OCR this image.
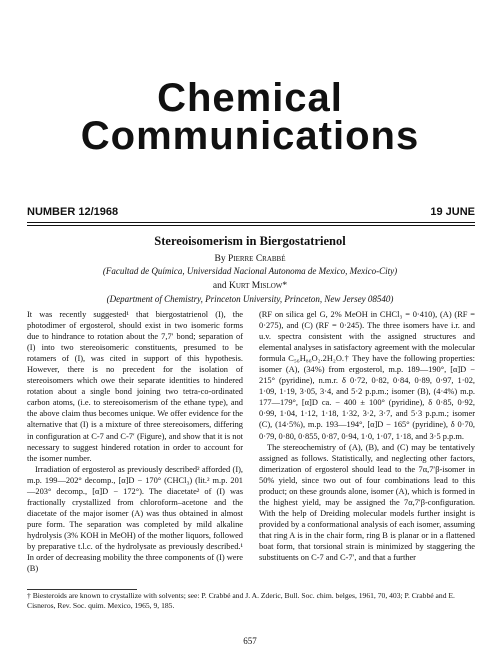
Chemical
Communications
NUMBER 12/1968	19 JUNE
Stereoisomerism in Biergostatrienol
By Pierre Crabbé
(Facultad de Química, Universidad Nacional Autonoma de Mexico, Mexico-City)
and Kurt Mislow*
(Department of Chemistry, Princeton University, Princeton, New Jersey 08540)

It was recently suggested¹ that biergostatrienol (I), the photodimer of ergosterol, should exist in two isomeric forms due to hindrance to rotation about the 7,7′ bond; separation of (I) into two stereoisomeric constituents, presumed to be rotamers of (I), was cited in support of this hypothesis. However, there is no precedent for the isolation of stereoisomers which owe their separate identities to hindered rotation about a single bond joining two tetra-co-ordinated carbon atoms, (i.e. to stereoisomerism of the ethane type), and the above claim thus becomes unique. We offer evidence for the alternative that (I) is a mixture of three stereoisomers, differing in configuration at C-7 and C-7′ (Figure), and show that it is not necessary to suggest hindered rotation in order to account for the isomer number.

Irradiation of ergosterol as previously described² afforded (I), m.p. 199—202° decomp., [α]D − 170° (CHCl₃) (lit.² m.p. 201—203° decomp., [α]D − 172°). The diacetate² of (I) was fractionally crystallized from chloroform–acetone and the diacetate of the major isomer (A) was thus obtained in almost pure form. The separation was completed by mild alkaline hydrolysis (3% KOH in MeOH) of the mother liquors, followed by preparative t.l.c. of the hydrolysate as previously described.¹ In order of decreasing mobility the three components of (I) were (B)

(RF on silica gel G, 2% MeOH in CHCl₃ = 0·410), (A) (RF = 0·275), and (C) (RF = 0·245). The three isomers have i.r. and u.v. spectra consistent with the assigned structures and elemental analyses in satisfactory agreement with the molecular formula C₅₆H₈₆O₂.2H₂O.† They have the following properties: isomer (A), (34%) from ergosterol, m.p. 189—190°, [α]D − 215° (pyridine), n.m.r. δ 0·72, 0·82, 0·84, 0·89, 0·97, 1·02, 1·09, 1·19, 3·05, 3·4, and 5·2 p.p.m.; isomer (B), (4·4%) m.p. 177—179°, [α]D ca. − 400 ± 100° (pyridine), δ 0·85, 0·92, 0·99, 1·04, 1·12, 1·18, 1·32, 3·2, 3·7, and 5·3 p.p.m.; isomer (C), (14·5%), m.p. 193—194°, [α]D − 165° (pyridine), δ 0·70, 0·79, 0·80, 0·855, 0·87, 0·94, 1·0, 1·07, 1·18, and 3·5 p.p.m.

The stereochemistry of (A), (B), and (C) may be tentatively assigned as follows. Statistically, and neglecting other factors, dimerization of ergosterol should lead to the 7α,7′β-isomer in 50% yield, since two out of four combinations lead to this product; on these grounds alone, isomer (A), which is formed in the highest yield, may be assigned the 7α,7′β-configuration. With the help of Dreiding molecular models further insight is provided by a conformational analysis of each isomer, assuming that ring A is in the chair form, ring B is planar or in a flattened boat form, that torsional strain is minimized by staggering the substituents on C-7 and C-7′, and that a further

† Biesteroids are known to crystallize with solvents; see: P. Crabbé and J. A. Zderic, Bull. Soc. chim. belges, 1961, 70, 403; P. Crabbé and E. Cisneros, Rev. Soc. quim. Mexico, 1965, 9, 185.

657
